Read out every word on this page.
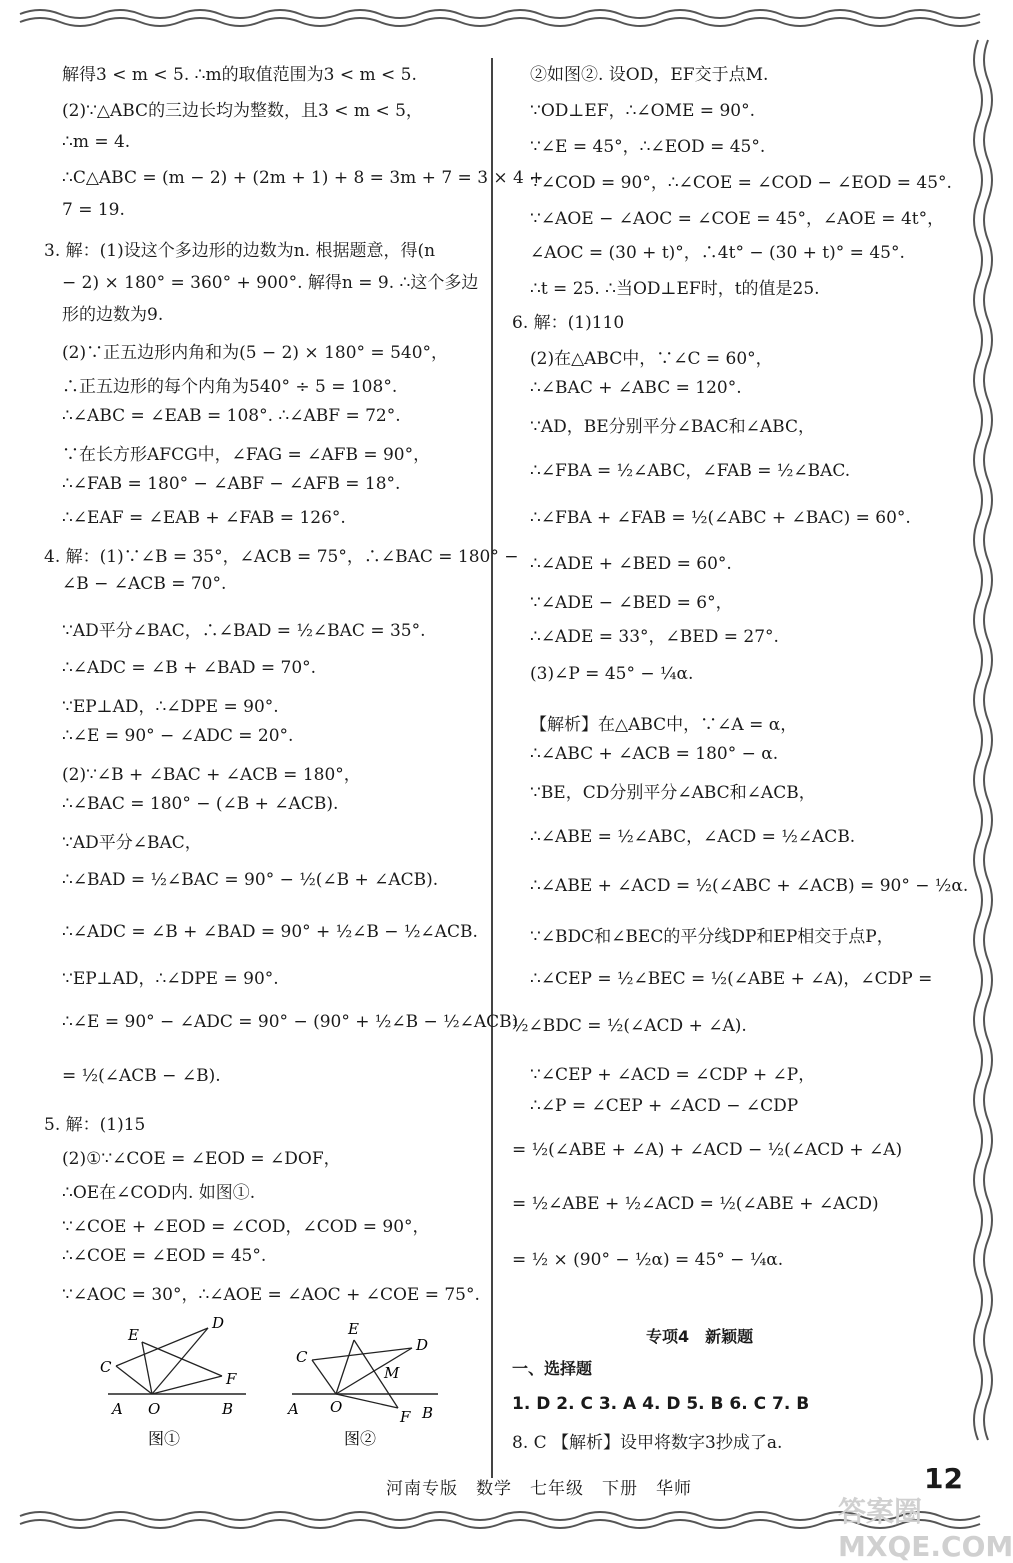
解得3 < m < 5. ∴m的取值范围为3 < m < 5.
(2)∵△ABC的三边长均为整数，且3 < m < 5，
∴m = 4.
∴C△ABC = (m − 2) + (2m + 1) + 8 = 3m + 7 = 3 × 4 +
7 = 19.
3. 解：(1)设这个多边形的边数为n. 根据题意，得(n
− 2) × 180° = 360° + 900°. 解得n = 9. ∴这个多边
形的边数为9.
(2)∵正五边形内角和为(5 − 2) × 180° = 540°，
∴正五边形的每个内角为540° ÷ 5 = 108°.
∴∠ABC = ∠EAB = 108°. ∴∠ABF = 72°.
∵在长方形AFCG中，∠FAG = ∠AFB = 90°，
∴∠FAB = 180° − ∠ABF − ∠AFB = 18°.
∴∠EAF = ∠EAB + ∠FAB = 126°.
4. 解：(1)∵∠B = 35°，∠ACB = 75°，∴∠BAC = 180° −
∠B − ∠ACB = 70°.
∵AD平分∠BAC，∴∠BAD = ½∠BAC = 35°.
∴∠ADC = ∠B + ∠BAD = 70°.
∵EP⊥AD，∴∠DPE = 90°.
∴∠E = 90° − ∠ADC = 20°.
(2)∵∠B + ∠BAC + ∠ACB = 180°，
∴∠BAC = 180° − (∠B + ∠ACB).
∵AD平分∠BAC，
∴∠BAD = ½∠BAC = 90° − ½(∠B + ∠ACB).
∴∠ADC = ∠B + ∠BAD = 90° + ½∠B − ½∠ACB.
∵EP⊥AD，∴∠DPE = 90°.
∴∠E = 90° − ∠ADC = 90° − (90° + ½∠B − ½∠ACB)
= ½(∠ACB − ∠B).
5. 解：(1)15
(2)①∵∠COE = ∠EOD = ∠DOF，
∴OE在∠COD内. 如图①.
∵∠COE + ∠EOD = ∠COD，∠COD = 90°，
∴∠COE = ∠EOD = 45°.
∵∠AOC = 30°，∴∠AOE = ∠AOC + ∠COE = 75°.
E
D
C
F
A O	B
图①
E
D
C
M
A O
F B
图②
②如图②. 设OD，EF交于点M.
∵OD⊥EF，∴∠OME = 90°.
∵∠E = 45°，∴∠EOD = 45°.
∵∠COD = 90°，∴∠COE = ∠COD − ∠EOD = 45°.
∵∠AOE − ∠AOC = ∠COE = 45°，∠AOE = 4t°，
∠AOC = (30 + t)°，∴4t° − (30 + t)° = 45°.
∴t = 25. ∴当OD⊥EF时，t的值是25.
6. 解：(1)110
(2)在△ABC中，∵∠C = 60°，
∴∠BAC + ∠ABC = 120°.
∵AD，BE分别平分∠BAC和∠ABC，
∴∠FBA = ½∠ABC，∠FAB = ½∠BAC.
∴∠FBA + ∠FAB = ½(∠ABC + ∠BAC) = 60°.
∴∠ADE + ∠BED = 60°.
∵∠ADE − ∠BED = 6°，
∴∠ADE = 33°，∠BED = 27°.
(3)∠P = 45° − ¼α.
【解析】在△ABC中，∵∠A = α，
∴∠ABC + ∠ACB = 180° − α.
∵BE，CD分别平分∠ABC和∠ACB，
∴∠ABE = ½∠ABC，∠ACD = ½∠ACB.
∴∠ABE + ∠ACD = ½(∠ABC + ∠ACB) = 90° − ½α.
∵∠BDC和∠BEC的平分线DP和EP相交于点P，
∴∠CEP = ½∠BEC = ½(∠ABE + ∠A)，∠CDP =
½∠BDC = ½(∠ACD + ∠A).
∵∠CEP + ∠ACD = ∠CDP + ∠P，
∴∠P = ∠CEP + ∠ACD − ∠CDP
= ½(∠ABE + ∠A) + ∠ACD − ½(∠ACD + ∠A)
= ½∠ABE + ½∠ACD = ½(∠ABE + ∠ACD)
= ½ × (90° − ½α) = 45° − ¼α.
一、选择题
1. D 2. C 3. A 4. D 5. B 6. C 7. B
8. C 【解析】设甲将数字3抄成了a.
专项4　新颖题
河南专版　数学　七年级　下册　华师	12
答案圈 MXQE.COM
